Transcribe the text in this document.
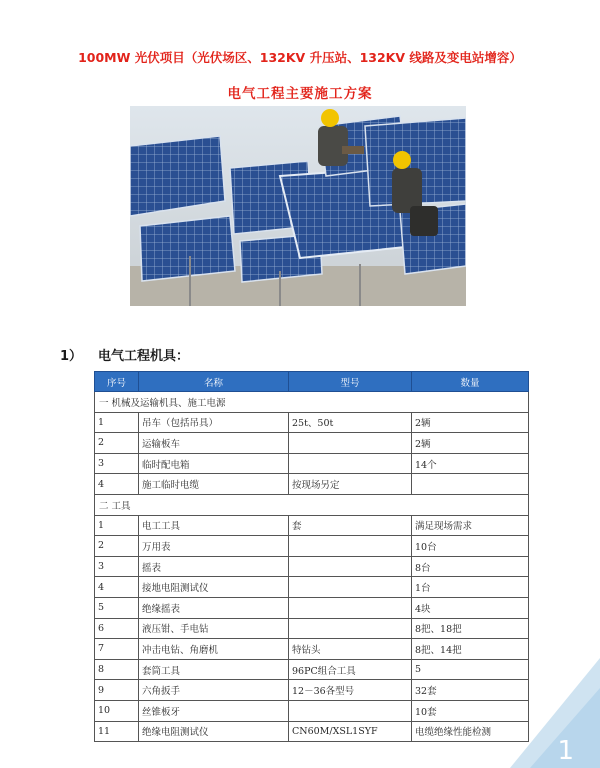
100MW 光伏项目（光伏场区、132KV 升压站、132KV 线路及变电站增容）
电气工程主要施工方案
1） 电气工程机具：
序号	名称	型号	数量
一 机械及运输机具、施工电源			
1	吊车（包括吊具）	25t、50t	2辆
2	运输板车		2辆
3	临时配电箱		14个
4	施工临时电缆	按现场另定	
二 工具			
1	电工工具	套	满足现场需求
2	万用表		10台
3	摇表		8台
4	接地电阻测试仪		1台
5	绝缘摇表		4块
6	液压钳、手电钻		8把、18把
7	冲击电钻、角磨机	特钻头	8把、14把
8	套筒工具	96PC组合工具	5
9	六角扳手	12－36各型号	32套
10	丝锥板牙		10套
11	绝缘电阻测试仪	CN60M/XSL1SYF	电缆绝缘性能检测
1
